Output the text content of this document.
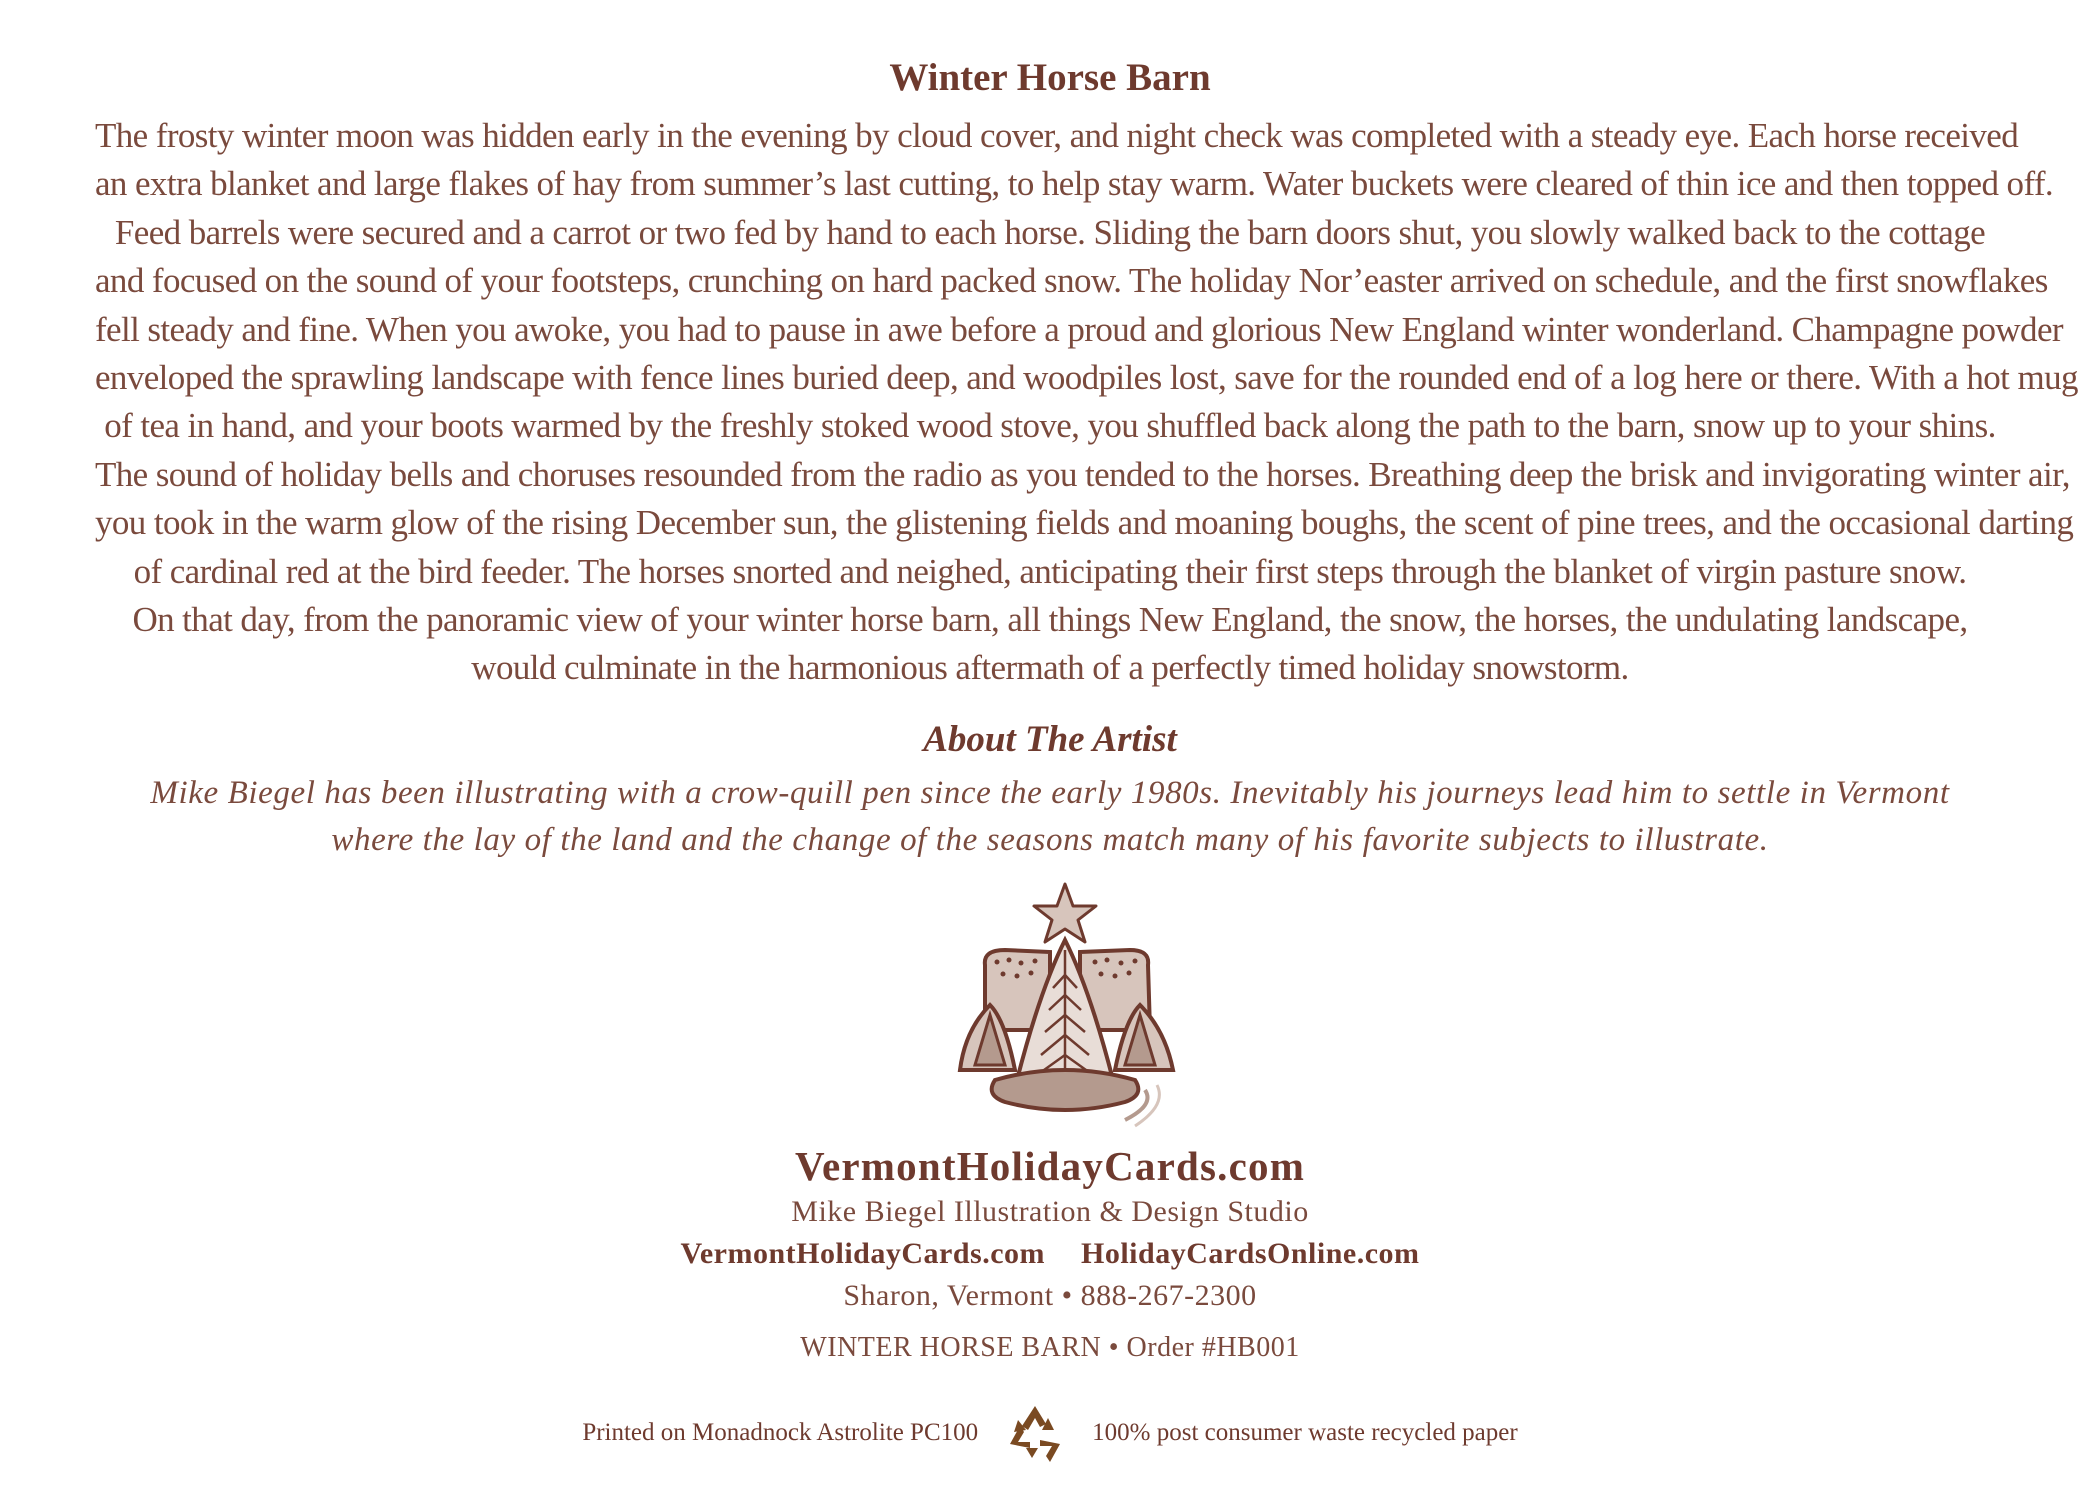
Winter Horse Barn

The frosty winter moon was hidden early in the evening by cloud cover, and night check was completed with a steady eye. Each horse received
an extra blanket and large flakes of hay from summer’s last cutting, to help stay warm. Water buckets were cleared of thin ice and then topped off.
Feed barrels were secured and a carrot or two fed by hand to each horse. Sliding the barn doors shut, you slowly walked back to the cottage
and focused on the sound of your footsteps, crunching on hard packed snow. The holiday Nor’easter arrived on schedule, and the first snowflakes
fell steady and fine. When you awoke, you had to pause in awe before a proud and glorious New England winter wonderland. Champagne powder
enveloped the sprawling landscape with fence lines buried deep, and woodpiles lost, save for the rounded end of a log here or there. With a hot mug
of tea in hand, and your boots warmed by the freshly stoked wood stove, you shuffled back along the path to the barn, snow up to your shins.
The sound of holiday bells and choruses resounded from the radio as you tended to the horses. Breathing deep the brisk and invigorating winter air,
you took in the warm glow of the rising December sun, the glistening fields and moaning boughs, the scent of pine trees, and the occasional darting
of cardinal red at the bird feeder. The horses snorted and neighed, anticipating their first steps through the blanket of virgin pasture snow.
On that day, from the panoramic view of your winter horse barn, all things New England, the snow, the horses, the undulating landscape,
would culminate in the harmonious aftermath of a perfectly timed holiday snowstorm.

About The Artist

Mike Biegel has been illustrating with a crow-quill pen since the early 1980s. Inevitably his journeys lead him to settle in Vermont
where the lay of the land and the change of the seasons match many of his favorite subjects to illustrate.

VermontHolidayCards.com
Mike Biegel Illustration & Design Studio
VermontHolidayCards.com HolidayCardsOnline.com
Sharon, Vermont • 888-267-2300
WINTER HORSE BARN • Order #HB001
Printed on Monadnock Astrolite PC100	100% post consumer waste recycled paper
